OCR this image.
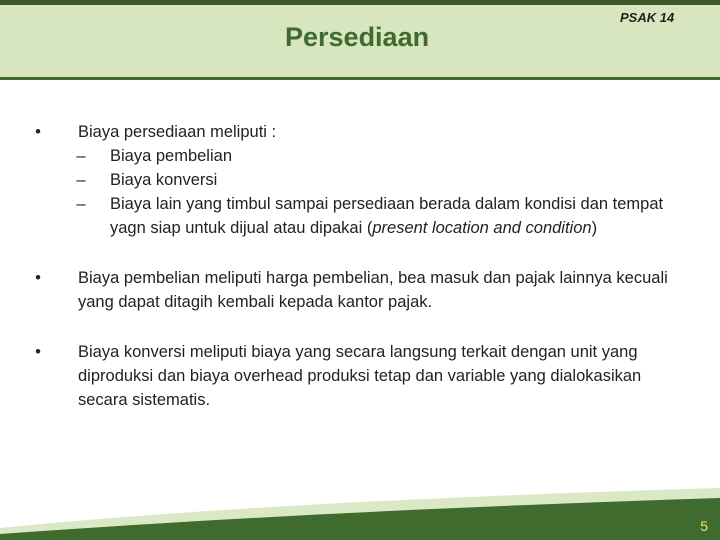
Persediaan
PSAK 14
•	Biaya persediaan meliputi :
–	Biaya pembelian
–	Biaya konversi
–	Biaya lain yang timbul sampai persediaan berada dalam kondisi dan tempat yagn siap untuk dijual atau dipakai (present location and condition)
•	Biaya pembelian meliputi harga pembelian, bea masuk dan pajak lainnya kecuali yang dapat ditagih kembali kepada kantor pajak.
•	Biaya konversi meliputi biaya yang secara langsung terkait dengan unit yang diproduksi dan biaya overhead produksi tetap dan variable yang dialokasikan secara sistematis.
5
